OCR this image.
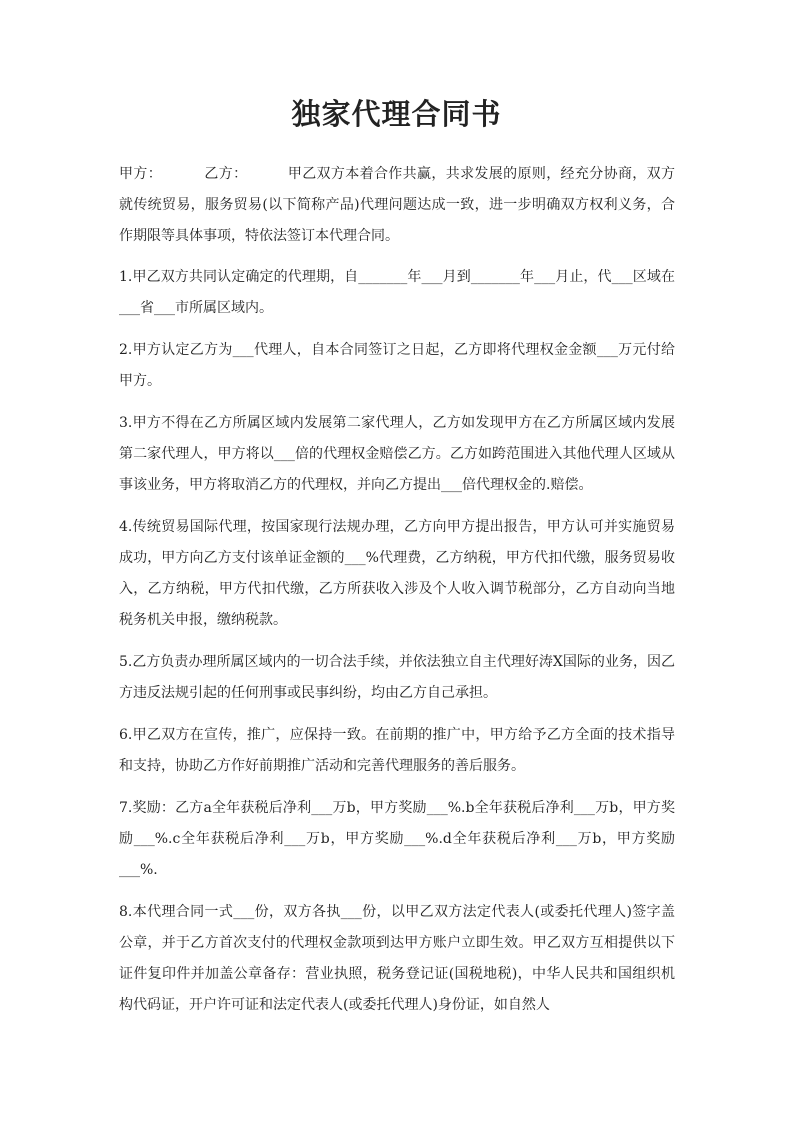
独家代理合同书

甲方：	乙方：	甲乙双方本着合作共赢，共求发展的原则，经充分协商，双方就传统贸易，服务贸易(以下简称产品)代理问题达成一致，进一步明确双方权利义务，合作期限等具体事项，特依法签订本代理合同。

1.甲乙双方共同认定确定的代理期，自_______年___月到_______年___月止，代___区域在___省___市所属区域内。

2.甲方认定乙方为___代理人，自本合同签订之日起，乙方即将代理权金金额___万元付给甲方。

3.甲方不得在乙方所属区域内发展第二家代理人，乙方如发现甲方在乙方所属区域内发展第二家代理人，甲方将以___倍的代理权金赔偿乙方。乙方如跨范围进入其他代理人区域从事该业务，甲方将取消乙方的代理权，并向乙方提出___倍代理权金的.赔偿。

4.传统贸易国际代理，按国家现行法规办理，乙方向甲方提出报告，甲方认可并实施贸易成功，甲方向乙方支付该单证金额的___%代理费，乙方纳税，甲方代扣代缴，服务贸易收入，乙方纳税，甲方代扣代缴，乙方所获收入涉及个人收入调节税部分，乙方自动向当地税务机关申报，缴纳税款。

5.乙方负责办理所属区域内的一切合法手续，并依法独立自主代理好涛X国际的业务，因乙方违反法规引起的任何刑事或民事纠纷，均由乙方自己承担。

6.甲乙双方在宣传，推广，应保持一致。在前期的推广中，甲方给予乙方全面的技术指导和支持，协助乙方作好前期推广活动和完善代理服务的善后服务。

7.奖励：乙方a全年获税后净利___万b，甲方奖励___%.b全年获税后净利___万b，甲方奖励___%.c全年获税后净利___万b，甲方奖励___%.d全年获税后净利___万b，甲方奖励___%.

8.本代理合同一式___份，双方各执___份，以甲乙双方法定代表人(或委托代理人)签字盖公章，并于乙方首次支付的代理权金款项到达甲方账户立即生效。甲乙双方互相提供以下证件复印件并加盖公章备存：营业执照，税务登记证(国税地税)，中华人民共和国组织机构代码证，开户许可证和法定代表人(或委托代理人)身份证，如自然人
